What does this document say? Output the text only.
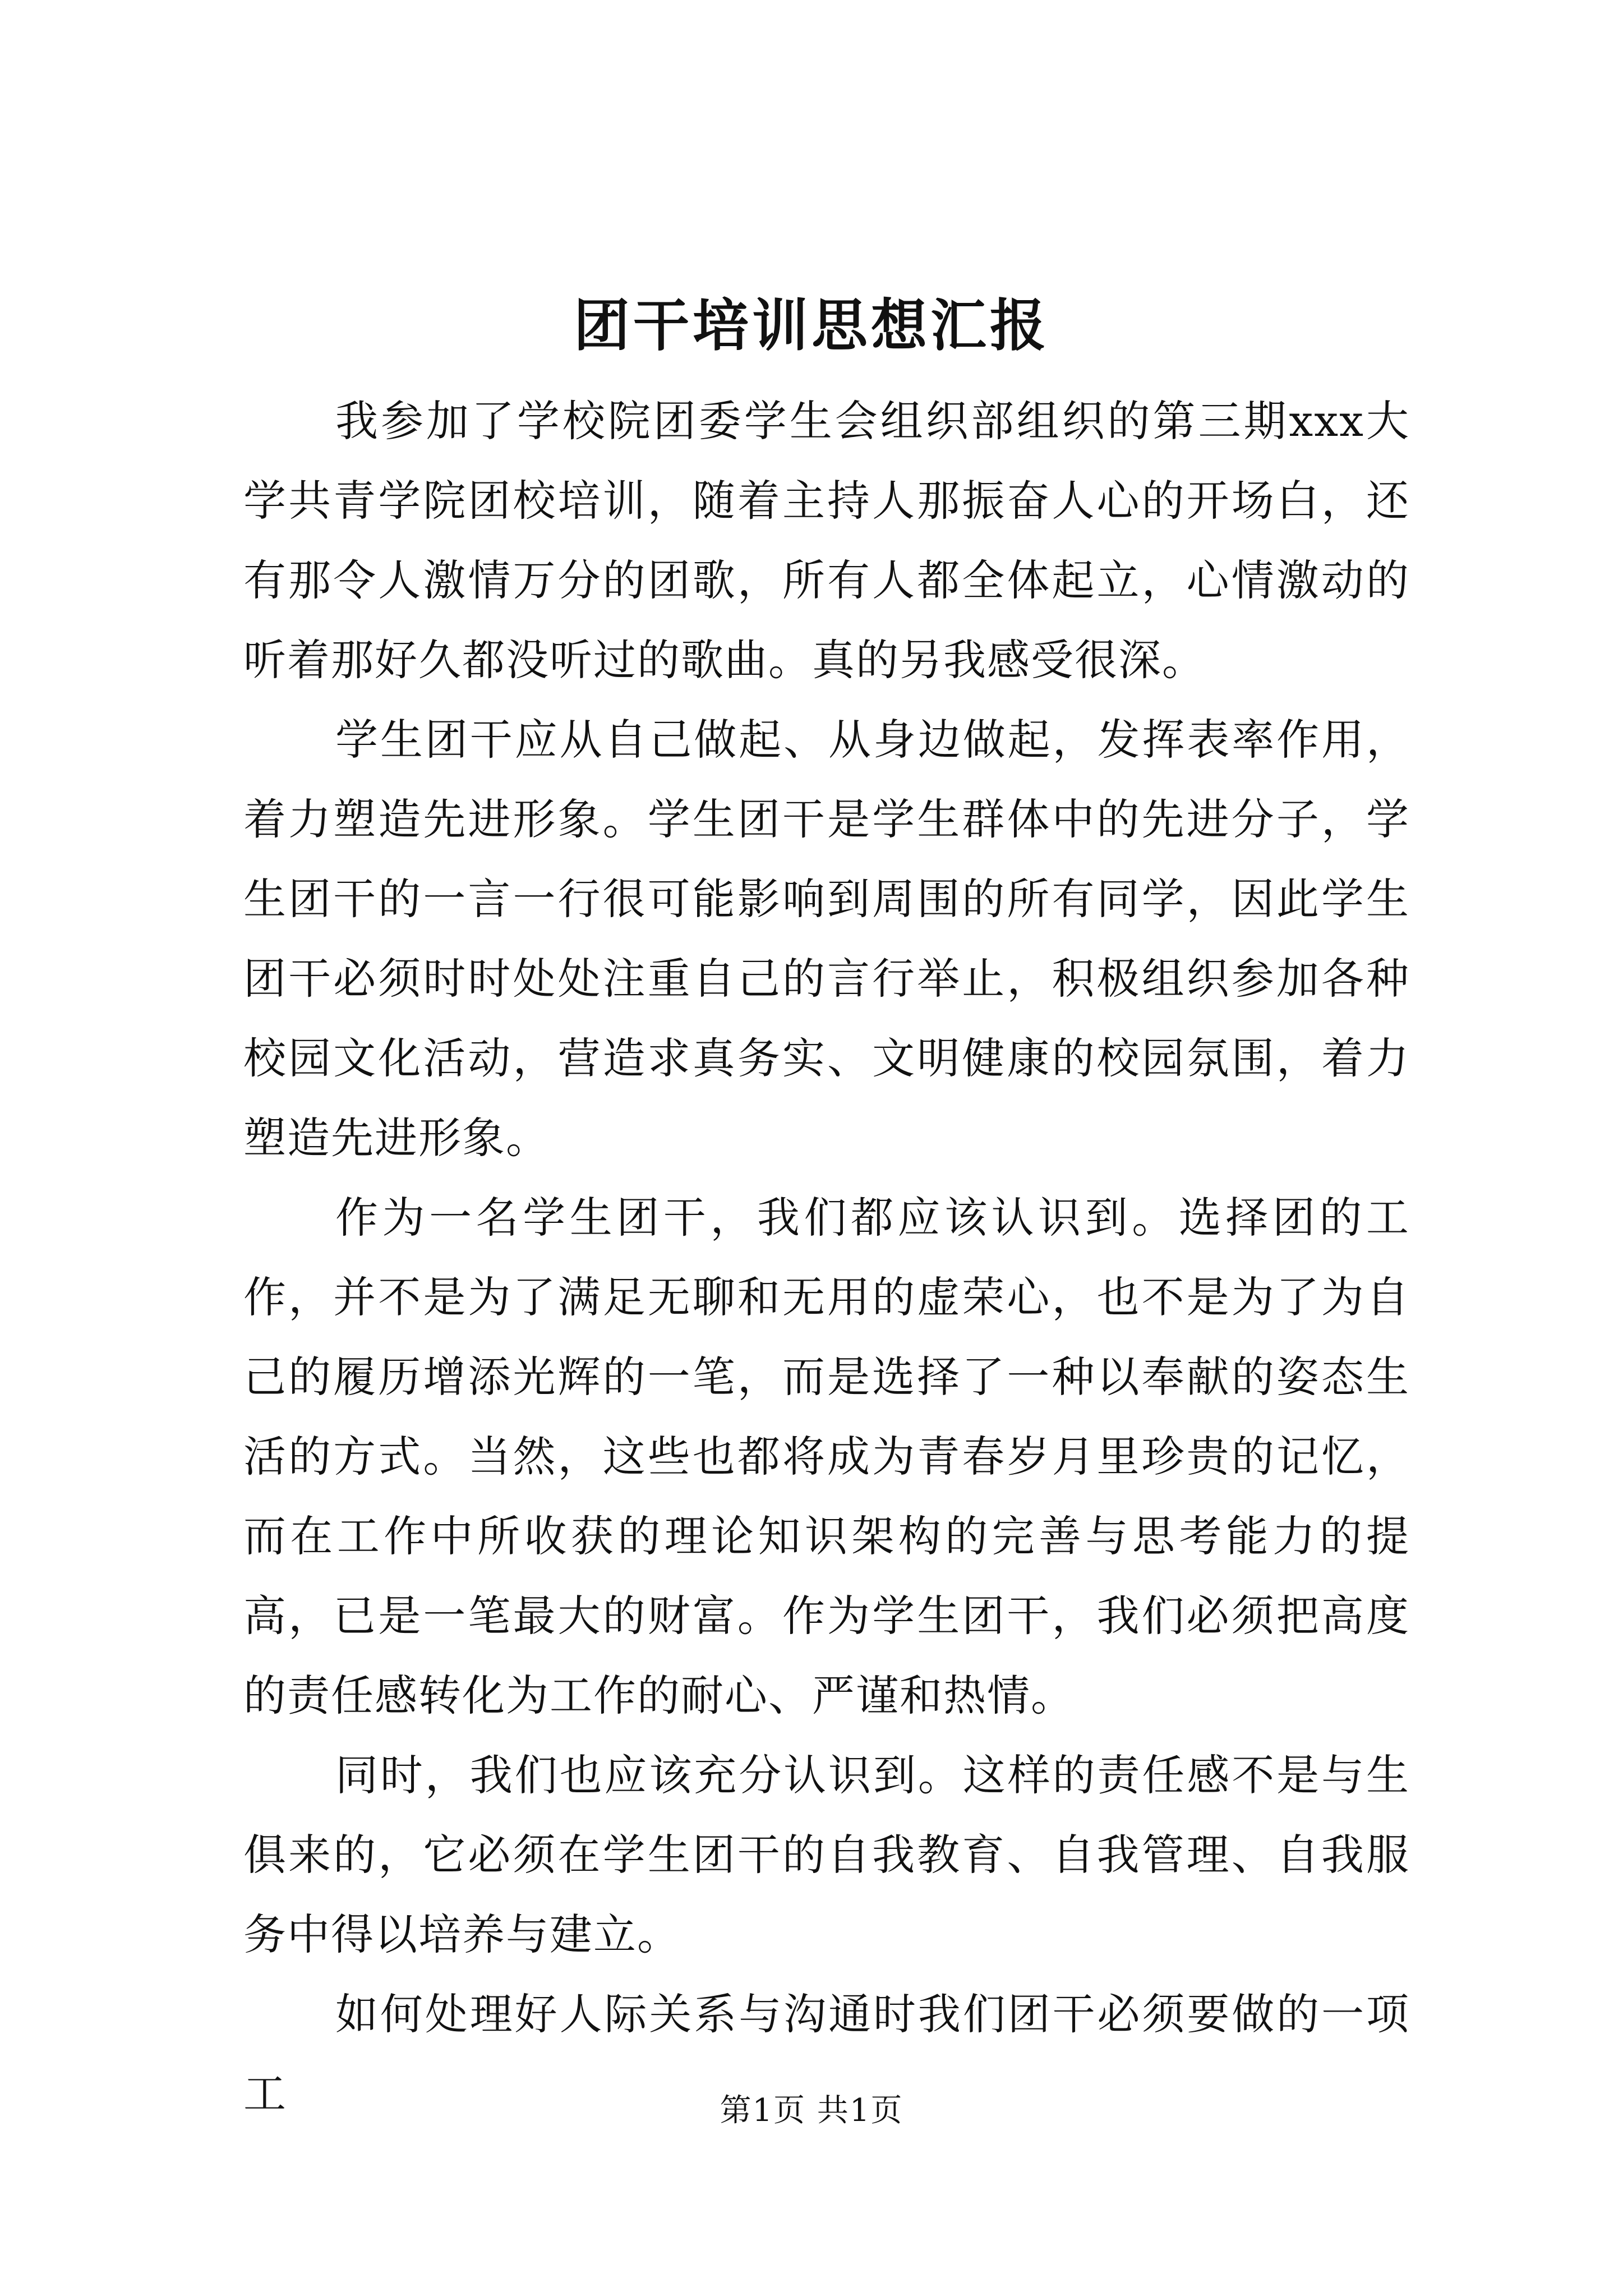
团干培训思想汇报

我参加了学校院团委学生会组织部组织的第三期xxx大学共青学院团校培训，随着主持人那振奋人心的开场白，还有那令人激情万分的团歌，所有人都全体起立，心情激动的听着那好久都没听过的歌曲。真的另我感受很深。

学生团干应从自己做起、从身边做起，发挥表率作用，着力塑造先进形象。学生团干是学生群体中的先进分子，学生团干的一言一行很可能影响到周围的所有同学，因此学生团干必须时时处处注重自己的言行举止，积极组织参加各种校园文化活动，营造求真务实、文明健康的校园氛围，着力塑造先进形象。

作为一名学生团干，我们都应该认识到。选择团的工作，并不是为了满足无聊和无用的虚荣心，也不是为了为自己的履历增添光辉的一笔，而是选择了一种以奉献的姿态生活的方式。当然，这些也都将成为青春岁月里珍贵的记忆，而在工作中所收获的理论知识架构的完善与思考能力的提高，已是一笔最大的财富。作为学生团干，我们必须把高度的责任感转化为工作的耐心、严谨和热情。

同时，我们也应该充分认识到。这样的责任感不是与生俱来的，它必须在学生团干的自我教育、自我管理、自我服务中得以培养与建立。

如何处理好人际关系与沟通时我们团干必须要做的一项工	第1页 共1页
